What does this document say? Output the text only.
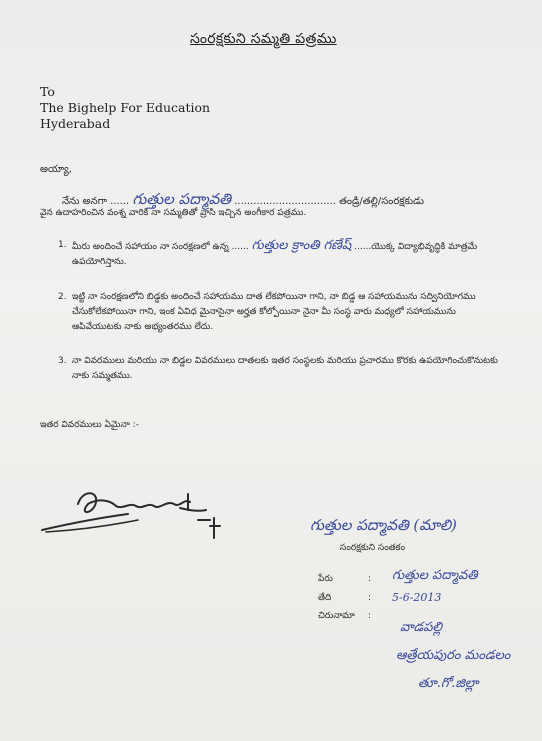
సంరక్షకుని సమ్మతి పత్రము
To
The Bighelp For Education
Hyderabad
అయ్యా,
నేను అనగా ...... గుత్తుల పద్మావతి ................................ తండ్రి/తల్లి/సంరక్షకుడు
వైన ఉదాహరించిన వంశ్న వారికి నా సమ్మతితో వ్రాసి ఇచ్చిన అంగీకార పత్రము.
1. మీరు అందించే సహాయం నా సంరక్షణలో ఉన్న ...... గుత్తుల క్రాంతి గణేష్ ......యొక్క విద్యాభివృద్ధికి మాత్రమే ఉపయోగిస్తాను.
2. ఇట్టి నా సంరక్షణలోని బిడ్డకు అందించే సహాయము దాత లేకపోయినా గాని, నా బిడ్డ ఆ సహాయమును సద్వినియోగము చేసుకోలేకపోయినా గాని, ఇంక ఏవిధ మైనాసైనా అర్హత కోల్పోయినా నైనా మీ సంస్థ వారు మధ్యలో సహాయమును ఆపివేయుటకు నాకు అభ్యంతరము లేదు.
3. నా వివరములు మరియు నా బిడ్డల వివరములు దాతలకు ఇతర సంస్థలకు మరియు ప్రచారము కొరకు ఉపయోగించుకొనుటకు నాకు సమ్మతము.
ఇతర వివరములు ఏమైనా :-
గుత్తుల పద్మావతి (మాలి)
సంరక్షకుని సంతకం
పేరు	: గుత్తుల పద్మావతి
తేది	: 5-6-2013
చిరునామా :
వాడపల్లి
ఆత్రేయపురం మండలం
తూ.గో.జిల్లా
